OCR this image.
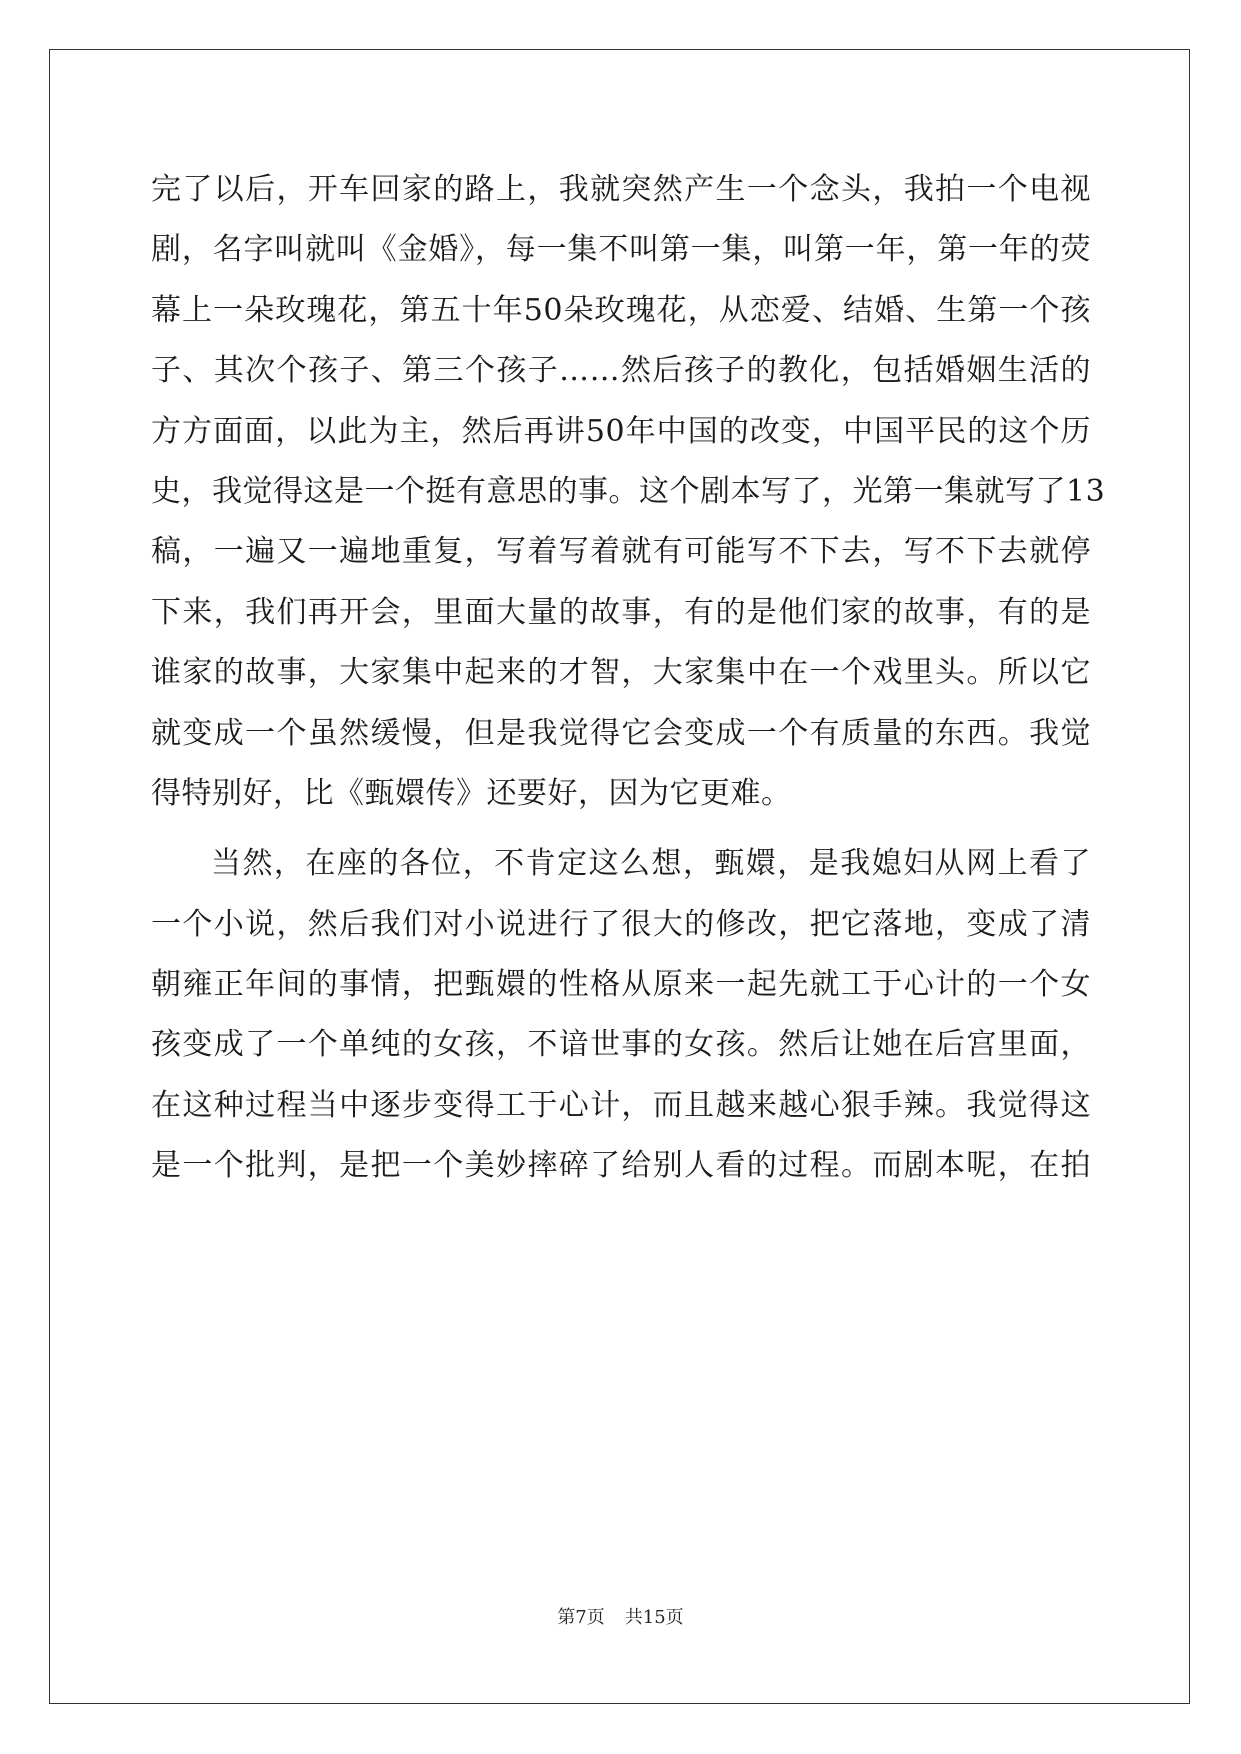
完了以后，开车回家的路上，我就突然产生一个念头，我拍一个电视
剧，名字叫就叫《金婚》，每一集不叫第一集，叫第一年，第一年的荧
幕上一朵玫瑰花，第五十年50朵玫瑰花，从恋爱、结婚、生第一个孩
子、其次个孩子、第三个孩子……然后孩子的教化，包括婚姻生活的
方方面面，以此为主，然后再讲50年中国的改变，中国平民的这个历
史，我觉得这是一个挺有意思的事。这个剧本写了，光第一集就写了13
稿，一遍又一遍地重复，写着写着就有可能写不下去，写不下去就停
下来，我们再开会，里面大量的故事，有的是他们家的故事，有的是
谁家的故事，大家集中起来的才智，大家集中在一个戏里头。所以它
就变成一个虽然缓慢，但是我觉得它会变成一个有质量的东西。我觉
得特别好，比《甄嬛传》还要好，因为它更难。
当然，在座的各位，不肯定这么想，甄嬛，是我媳妇从网上看了
一个小说，然后我们对小说进行了很大的修改，把它落地，变成了清
朝雍正年间的事情，把甄嬛的性格从原来一起先就工于心计的一个女
孩变成了一个单纯的女孩，不谙世事的女孩。然后让她在后宫里面，
在这种过程当中逐步变得工于心计，而且越来越心狠手辣。我觉得这
是一个批判，是把一个美妙摔碎了给别人看的过程。而剧本呢，在拍
第7页 共15页
